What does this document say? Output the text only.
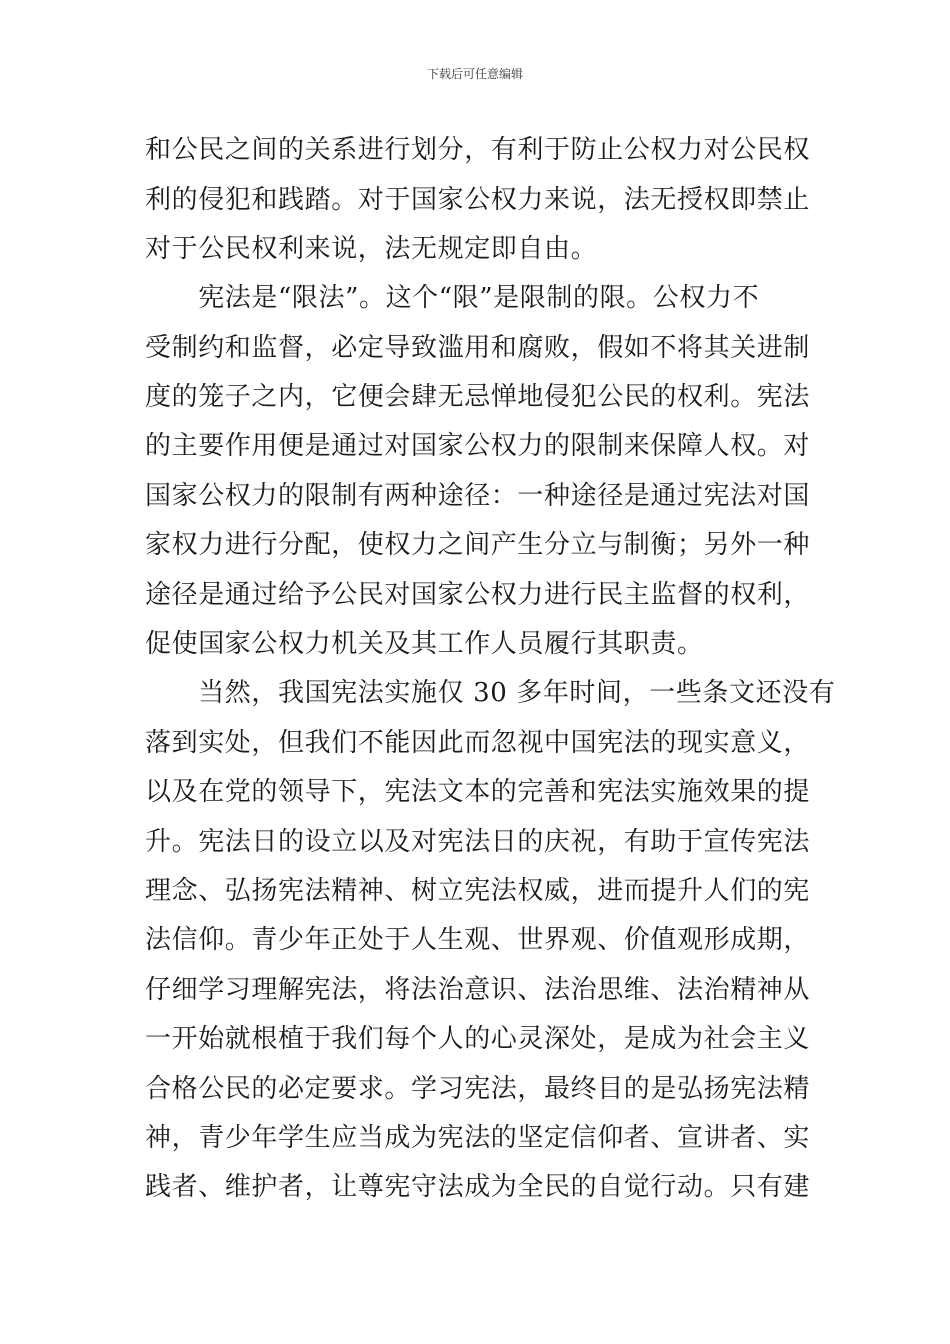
下载后可任意编辑
和公民之间的关系进行划分，有利于防止公权力对公民权
利的侵犯和践踏。对于国家公权力来说，法无授权即禁止
对于公民权利来说，法无规定即自由。
　　宪法是“限法”。这个“限”是限制的限。公权力不
受制约和监督，必定导致滥用和腐败，假如不将其关进制
度的笼子之内，它便会肆无忌惮地侵犯公民的权利。宪法
的主要作用便是通过对国家公权力的限制来保障人权。对
国家公权力的限制有两种途径：一种途径是通过宪法对国
家权力进行分配，使权力之间产生分立与制衡；另外一种
途径是通过给予公民对国家公权力进行民主监督的权利，
促使国家公权力机关及其工作人员履行其职责。
　　当然，我国宪法实施仅 30 多年时间，一些条文还没有
落到实处，但我们不能因此而忽视中国宪法的现实意义，
以及在党的领导下，宪法文本的完善和宪法实施效果的提
升。宪法日的设立以及对宪法日的庆祝，有助于宣传宪法
理念、弘扬宪法精神、树立宪法权威，进而提升人们的宪
法信仰。青少年正处于人生观、世界观、价值观形成期，
仔细学习理解宪法，将法治意识、法治思维、法治精神从
一开始就根植于我们每个人的心灵深处，是成为社会主义
合格公民的必定要求。学习宪法，最终目的是弘扬宪法精
神，青少年学生应当成为宪法的坚定信仰者、宣讲者、实
践者、维护者，让尊宪守法成为全民的自觉行动。只有建
